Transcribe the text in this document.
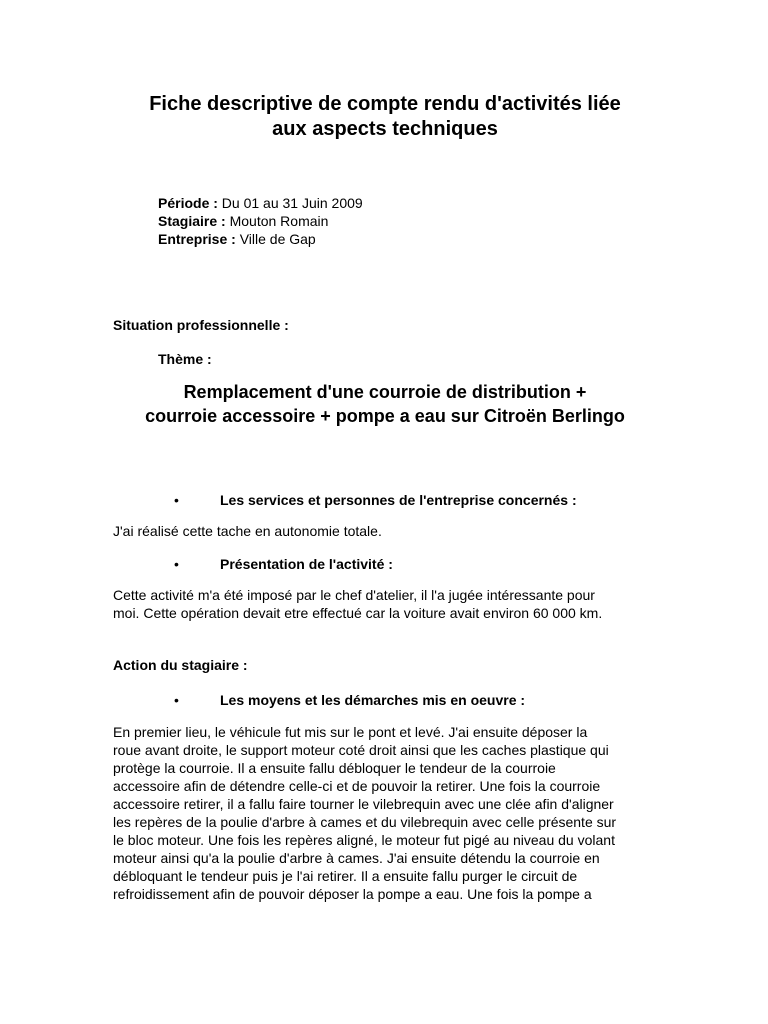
Fiche descriptive de compte rendu d'activités liée
aux aspects techniques
Période : Du 01 au 31 Juin 2009
Stagiaire : Mouton Romain
Entreprise : Ville de Gap
Situation professionnelle :
Thème :
Remplacement d'une courroie de distribution +
courroie accessoire + pompe a eau sur Citroën Berlingo
•	Les services et personnes de l'entreprise concernés :

J'ai réalisé cette tache en autonomie totale.

•	Présentation de l'activité :

Cette activité m'a été imposé par le chef d'atelier, il l'a jugée intéressante pour
moi. Cette opération devait etre effectué car la voiture avait environ 60 000 km.

Action du stagiaire :
•	Les moyens et les démarches mis en oeuvre :

En premier lieu, le véhicule fut mis sur le pont et levé. J'ai ensuite déposer la
roue avant droite, le support moteur coté droit ainsi que les caches plastique qui
protège la courroie. Il a ensuite fallu débloquer le tendeur de la courroie
accessoire afin de détendre celle-ci et de pouvoir la retirer. Une fois la courroie
accessoire retirer, il a fallu faire tourner le vilebrequin avec une clée afin d'aligner
les repères de la poulie d'arbre à cames et du vilebrequin avec celle présente sur
le bloc moteur. Une fois les repères aligné, le moteur fut pigé au niveau du volant
moteur ainsi qu'a la poulie d'arbre à cames. J'ai ensuite détendu la courroie en
débloquant le tendeur puis je l'ai retirer. Il a ensuite fallu purger le circuit de
refroidissement afin de pouvoir déposer la pompe a eau. Une fois la pompe a
